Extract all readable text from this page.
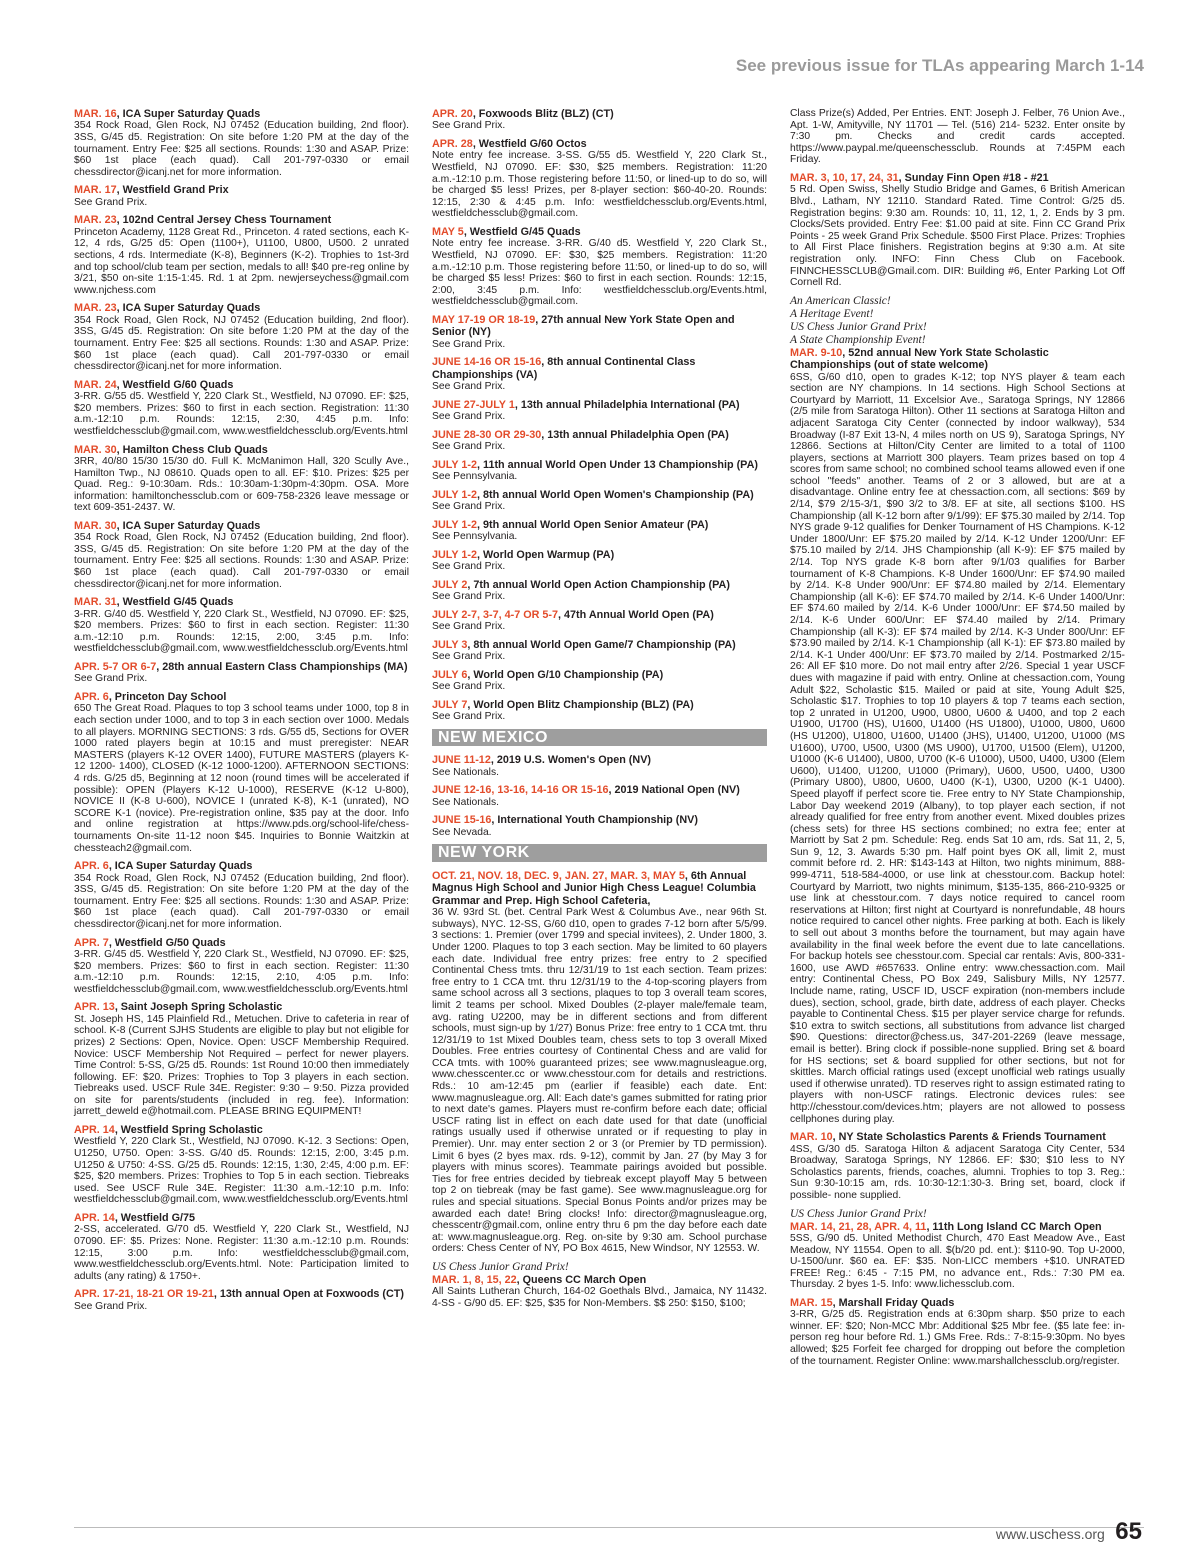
See previous issue for TLAs appearing March 1-14
MAR. 16, ICA Super Saturday Quads
354 Rock Road, Glen Rock, NJ 07452 (Education building, 2nd floor). 3SS, G/45 d5. Registration: On site before 1:20 PM at the day of the tournament. Entry Fee: $25 all sections. Rounds: 1:30 and ASAP. Prize: $60 1st place (each quad). Call 201-797-0330 or email chessdirector@icanj.net for more information.
MAR. 17, Westfield Grand Prix
See Grand Prix.
MAR. 23, 102nd Central Jersey Chess Tournament
Princeton Academy, 1128 Great Rd., Princeton. 4 rated sections, each K-12, 4 rds, G/25 d5: Open (1100+), U1100, U800, U500. 2 unrated sections, 4 rds. Intermediate (K-8), Beginners (K-2). Trophies to 1st-3rd and top school/club team per section, medals to all! $40 pre-reg online by 3/21, $50 on-site 1:15-1:45. Rd. 1 at 2pm. newjerseychess@gmail.com www.njchess.com
MAR. 23, ICA Super Saturday Quads
354 Rock Road, Glen Rock, NJ 07452 (Education building, 2nd floor). 3SS, G/45 d5. Registration: On site before 1:20 PM at the day of the tournament. Entry Fee: $25 all sections. Rounds: 1:30 and ASAP. Prize: $60 1st place (each quad). Call 201-797-0330 or email chessdirector@icanj.net for more information.
MAR. 24, Westfield G/60 Quads
3-RR. G/55 d5. Westfield Y, 220 Clark St., Westfield, NJ 07090. EF: $25, $20 members. Prizes: $60 to first in each section. Registration: 11:30 a.m.-12:10 p.m. Rounds: 12:15, 2:30, 4:45 p.m. Info: westfieldchessclub@gmail.com, www.westfieldchessclub.org/Events.html
MAR. 30, Hamilton Chess Club Quads
3RR, 40/80 15/30 15/30 d0. Full K. McManimon Hall, 320 Scully Ave., Hamilton Twp., NJ 08610. Quads open to all. EF: $10. Prizes: $25 per Quad. Reg.: 9-10:30am. Rds.: 10:30am-1:30pm-4:30pm. OSA. More information: hamiltonchessclub.com or 609-758-2326 leave message or text 609-351-2437. W.
MAR. 30, ICA Super Saturday Quads
354 Rock Road, Glen Rock, NJ 07452 (Education building, 2nd floor). 3SS, G/45 d5. Registration: On site before 1:20 PM at the day of the tournament. Entry Fee: $25 all sections. Rounds: 1:30 and ASAP. Prize: $60 1st place (each quad). Call 201-797-0330 or email chessdirector@icanj.net for more information.
MAR. 31, Westfield G/45 Quads
3-RR. G/40 d5. Westfield Y, 220 Clark St., Westfield, NJ 07090. EF: $25, $20 members. Prizes: $60 to first in each section. Register: 11:30 a.m.-12:10 p.m. Rounds: 12:15, 2:00, 3:45 p.m. Info: westfieldchessclub@gmail.com, www.westfieldchessclub.org/Events.html
APR. 5-7 OR 6-7, 28th annual Eastern Class Championships (MA)
See Grand Prix.
APR. 6, Princeton Day School
650 The Great Road. Plaques to top 3 school teams under 1000, top 8 in each section under 1000, and to top 3 in each section over 1000. Medals to all players. MORNING SECTIONS: 3 rds. G/55 d5, Sections for OVER 1000 rated players begin at 10:15 and must preregister: NEAR MASTERS (players K-12 OVER 1400), FUTURE MASTERS (players K-12 1200- 1400), CLOSED (K-12 1000-1200). AFTERNOON SECTIONS: 4 rds. G/25 d5, Beginning at 12 noon (round times will be accelerated if possible): OPEN (Players K-12 U-1000), RESERVE (K-12 U-800), NOVICE II (K-8 U-600), NOVICE I (unrated K-8), K-1 (unrated), NO SCORE K-1 (novice). Pre-registration online, $35 pay at the door. Info and online registration at https://www.pds.org/school-life/chess-tournaments On-site 11-12 noon $45. Inquiries to Bonnie Waitzkin at chessteach2@gmail.com.
APR. 6, ICA Super Saturday Quads
354 Rock Road, Glen Rock, NJ 07452 (Education building, 2nd floor). 3SS, G/45 d5. Registration: On site before 1:20 PM at the day of the tournament. Entry Fee: $25 all sections. Rounds: 1:30 and ASAP. Prize: $60 1st place (each quad). Call 201-797-0330 or email chessdirector@icanj.net for more information.
APR. 7, Westfield G/50 Quads
3-RR. G/45 d5. Westfield Y, 220 Clark St., Westfield, NJ 07090. EF: $25, $20 members. Prizes: $60 to first in each section. Register: 11:30 a.m.-12:10 p.m. Rounds: 12:15, 2:10, 4:05 p.m. Info: westfieldchessclub@gmail.com, www.westfieldchessclub.org/Events.html
APR. 13, Saint Joseph Spring Scholastic
St. Joseph HS, 145 Plainfield Rd., Metuchen. Drive to cafeteria in rear of school. K-8 (Current SJHS Students are eligible to play but not eligible for prizes) 2 Sections: Open, Novice. Open: USCF Membership Required. Novice: USCF Membership Not Required – perfect for newer players. Time Control: 5-SS, G/25 d5. Rounds: 1st Round 10:00 then immediately following. EF: $20. Prizes: Trophies to Top 3 players in each section. Tiebreaks used. USCF Rule 34E. Register: 9:30 – 9:50. Pizza provided on site for parents/students (included in reg. fee). Information: jarrett_deweld e@hotmail.com. PLEASE BRING EQUIPMENT!
APR. 14, Westfield Spring Scholastic
Westfield Y, 220 Clark St., Westfield, NJ 07090. K-12. 3 Sections: Open, U1250, U750. Open: 3-SS. G/40 d5. Rounds: 12:15, 2:00, 3:45 p.m. U1250 & U750: 4-SS. G/25 d5. Rounds: 12:15, 1:30, 2:45, 4:00 p.m. EF: $25, $20 members. Prizes: Trophies to Top 5 in each section. Tiebreaks used. See USCF Rule 34E. Register: 11:30 a.m.-12:10 p.m. Info: westfieldchessclub@gmail.com, www.westfieldchessclub.org/Events.html
APR. 14, Westfield G/75
2-SS, accelerated. G/70 d5. Westfield Y, 220 Clark St., Westfield, NJ 07090. EF: $5. Prizes: None. Register: 11:30 a.m.-12:10 p.m. Rounds: 12:15, 3:00 p.m. Info: westfieldchessclub@gmail.com, www.westfieldchessclub.org/Events.html. Note: Participation limited to adults (any rating) & 1750+.
APR. 17-21, 18-21 OR 19-21, 13th annual Open at Foxwoods (CT)
See Grand Prix.
APR. 20, Foxwoods Blitz (BLZ) (CT)
See Grand Prix.
APR. 28, Westfield G/60 Octos
Note entry fee increase. 3-SS. G/55 d5. Westfield Y, 220 Clark St., Westfield, NJ 07090. EF: $30, $25 members. Registration: 11:20 a.m.-12:10 p.m. Those registering before 11:50, or lined-up to do so, will be charged $5 less! Prizes, per 8-player section: $60-40-20. Rounds: 12:15, 2:30 & 4:45 p.m. Info: westfieldchessclub.org/Events.html, westfieldchessclub@gmail.com.
MAY 5, Westfield G/45 Quads
Note entry fee increase. 3-RR. G/40 d5. Westfield Y, 220 Clark St., Westfield, NJ 07090. EF: $30, $25 members. Registration: 11:20 a.m.-12:10 p.m. Those registering before 11:50, or lined-up to do so, will be charged $5 less! Prizes: $60 to first in each section. Rounds: 12:15, 2:00, 3:45 p.m. Info: westfieldchessclub.org/Events.html, westfieldchessclub@gmail.com.
MAY 17-19 OR 18-19, 27th annual New York State Open and Senior (NY)
See Grand Prix.
JUNE 14-16 OR 15-16, 8th annual Continental Class Championships (VA)
See Grand Prix.
JUNE 27-JULY 1, 13th annual Philadelphia International (PA)
See Grand Prix.
JUNE 28-30 OR 29-30, 13th annual Philadelphia Open (PA)
See Grand Prix.
JULY 1-2, 11th annual World Open Under 13 Championship (PA)
See Pennsylvania.
JULY 1-2, 8th annual World Open Women's Championship (PA)
See Grand Prix.
JULY 1-2, 9th annual World Open Senior Amateur (PA)
See Pennsylvania.
JULY 1-2, World Open Warmup (PA)
See Grand Prix.
JULY 2, 7th annual World Open Action Championship (PA)
See Grand Prix.
JULY 2-7, 3-7, 4-7 OR 5-7, 47th Annual World Open (PA)
See Grand Prix.
JULY 3, 8th annual World Open Game/7 Championship (PA)
See Grand Prix.
JULY 6, World Open G/10 Championship (PA)
See Grand Prix.
JULY 7, World Open Blitz Championship (BLZ) (PA)
See Grand Prix.
NEW MEXICO
JUNE 11-12, 2019 U.S. Women's Open (NV)
See Nationals.
JUNE 12-16, 13-16, 14-16 OR 15-16, 2019 National Open (NV)
See Nationals.
JUNE 15-16, International Youth Championship (NV)
See Nevada.
NEW YORK
OCT. 21, NOV. 18, DEC. 9, JAN. 27, MAR. 3, MAY 5, 6th Annual Magnus High School and Junior High Chess League! Columbia Grammar and Prep. High School Cafeteria,
36 W. 93rd St. (bet. Central Park West & Columbus Ave., near 96th St. subways), NYC. 12-SS, G/60 d10, open to grades 7-12 born after 5/5/99. 3 sections: 1. Premier (over 1799 and special invitees), 2. Under 1800, 3. Under 1200. Plaques to top 3 each section. May be limited to 60 players each date. Individual free entry prizes: free entry to 2 specified Continental Chess tmts. thru 12/31/19 to 1st each section. Team prizes: free entry to 1 CCA tmt. thru 12/31/19 to the 4-top-scoring players from same school across all 3 sections, plaques to top 3 overall team scores, limit 2 teams per school. Mixed Doubles (2-player male/female team, avg. rating U2200, may be in different sections and from different schools, must sign-up by 1/27) Bonus Prize: free entry to 1 CCA tmt. thru 12/31/19 to 1st Mixed Doubles team, chess sets to top 3 overall Mixed Doubles. Free entries courtesy of Continental Chess and are valid for CCA tmts. with 100% guaranteed prizes; see www.magnusleague.org, www.chesscenter.cc or www.chesstour.com for details and restrictions. Rds.: 10 am-12:45 pm (earlier if feasible) each date. Ent: www.magnusleague.org. All: Each date's games submitted for rating prior to next date's games. Players must re-confirm before each date; official USCF rating list in effect on each date used for that date (unofficial ratings usually used if otherwise unrated or if requesting to play in Premier). Unr. may enter section 2 or 3 (or Premier by TD permission). Limit 6 byes (2 byes max. rds. 9-12), commit by Jan. 27 (by May 3 for players with minus scores). Teammate pairings avoided but possible. Ties for free entries decided by tiebreak except playoff May 5 between top 2 on tiebreak (may be fast game). See www.magnusleague.org for rules and special situations. Special Bonus Points and/or prizes may be awarded each date! Bring clocks! Info: director@magnusleague.org, chesscentr@gmail.com, online entry thru 6 pm the day before each date at: www.magnusleague.org. Reg. on-site by 9:30 am. School purchase orders: Chess Center of NY, PO Box 4615, New Windsor, NY 12553. W.
US Chess Junior Grand Prix!
MAR. 1, 8, 15, 22, Queens CC March Open
All Saints Lutheran Church, 164-02 Goethals Blvd., Jamaica, NY 11432. 4-SS - G/90 d5. EF: $25, $35 for Non-Members. $$ 250: $150, $100;
Class Prize(s) Added, Per Entries. ENT: Joseph J. Felber, 76 Union Ave., Apt. 1-W, Amityville, NY 11701 — Tel. (516) 214- 5232. Enter onsite by 7:30 pm. Checks and credit cards accepted. https://www.paypal.me/queenschessclub. Rounds at 7:45PM each Friday.
MAR. 3, 10, 17, 24, 31, Sunday Finn Open #18 - #21
5 Rd. Open Swiss, Shelly Studio Bridge and Games, 6 British American Blvd., Latham, NY 12110. Standard Rated. Time Control: G/25 d5. Registration begins: 9:30 am. Rounds: 10, 11, 12, 1, 2. Ends by 3 pm. Clocks/Sets provided. Entry Fee: $1.00 paid at site. Finn CC Grand Prix Points - 25 week Grand Prix Schedule. $500 First Place. Prizes: Trophies to All First Place finishers. Registration begins at 9:30 a.m. At site registration only. INFO: Finn Chess Club on Facebook. FINNCHESSCLUB@Gmail.com. DIR: Building #6, Enter Parking Lot Off Cornell Rd.
An American Classic!
A Heritage Event!
US Chess Junior Grand Prix!
A State Championship Event!
MAR. 9-10, 52nd annual New York State Scholastic Championships (out of state welcome)
6SS, G/60 d10, open to grades K-12; top NYS player & team each section are NY champions. In 14 sections. High School Sections at Courtyard by Marriott, 11 Excelsior Ave., Saratoga Springs, NY 12866 (2/5 mile from Saratoga Hilton). Other 11 sections at Saratoga Hilton and adjacent Saratoga City Center (connected by indoor walkway), 534 Broadway (I-87 Exit 13-N, 4 miles north on US 9), Saratoga Springs, NY 12866. Sections at Hilton/City Center are limited to a total of 1100 players, sections at Marriott 300 players. Team prizes based on top 4 scores from same school; no combined school teams allowed even if one school "feeds" another. Teams of 2 or 3 allowed, but are at a disadvantage. Online entry fee at chessaction.com, all sections: $69 by 2/14, $79 2/15-3/1, $90 3/2 to 3/8. EF at site, all sections $100. HS Championship (all K-12 born after 9/1/99): EF $75.30 mailed by 2/14. Top NYS grade 9-12 qualifies for Denker Tournament of HS Champions. K-12 Under 1800/Unr: EF $75.20 mailed by 2/14. K-12 Under 1200/Unr: EF $75.10 mailed by 2/14. JHS Championship (all K-9): EF $75 mailed by 2/14. Top NYS grade K-8 born after 9/1/03 qualifies for Barber tournament of K-8 Champions. K-8 Under 1600/Unr: EF $74.90 mailed by 2/14. K-8 Under 900/Unr: EF $74.80 mailed by 2/14. Elementary Championship (all K-6): EF $74.70 mailed by 2/14. K-6 Under 1400/Unr: EF $74.60 mailed by 2/14. K-6 Under 1000/Unr: EF $74.50 mailed by 2/14. K-6 Under 600/Unr: EF $74.40 mailed by 2/14. Primary Championship (all K-3): EF $74 mailed by 2/14. K-3 Under 800/Unr: EF $73.90 mailed by 2/14. K-1 Championship (all K-1): EF $73.80 mailed by 2/14. K-1 Under 400/Unr: EF $73.70 mailed by 2/14. Postmarked 2/15-26: All EF $10 more. Do not mail entry after 2/26. Special 1 year USCF dues with magazine if paid with entry. Online at chessaction.com, Young Adult $22, Scholastic $15. Mailed or paid at site, Young Adult $25, Scholastic $17. Trophies to top 10 players & top 7 teams each section, top 2 unrated in U1200, U900, U800, U600 & U400, and top 2 each U1900, U1700 (HS), U1600, U1400 (HS U1800), U1000, U800, U600 (HS U1200), U1800, U1600, U1400 (JHS), U1400, U1200, U1000 (MS U1600), U700, U500, U300 (MS U900), U1700, U1500 (Elem), U1200, U1000 (K-6 U1400), U800, U700 (K-6 U1000), U500, U400, U300 (Elem U600), U1400, U1200, U1000 (Primary), U600, U500, U400, U300 (Primary U800), U800, U600, U400 (K-1), U300, U200 (K-1 U400). Speed playoff if perfect score tie. Free entry to NY State Championship, Labor Day weekend 2019 (Albany), to top player each section, if not already qualified for free entry from another event. Mixed doubles prizes (chess sets) for three HS sections combined; no extra fee; enter at Marriott by Sat 2 pm. Schedule: Reg. ends Sat 10 am, rds. Sat 11, 2, 5, Sun 9, 12, 3. Awards 5:30 pm. Half point byes OK all, limit 2, must commit before rd. 2. HR: $143-143 at Hilton, two nights minimum, 888-999-4711, 518-584-4000, or use link at chesstour.com. Backup hotel: Courtyard by Marriott, two nights minimum, $135-135, 866-210-9325 or use link at chesstour.com. 7 days notice required to cancel room reservations at Hilton; first night at Courtyard is nonrefundable, 48 hours notice required to cancel other nights. Free parking at both. Each is likely to sell out about 3 months before the tournament, but may again have availability in the final week before the event due to late cancellations. For backup hotels see chesstour.com. Special car rentals: Avis, 800-331-1600, use AWD #657633. Online entry: www.chessaction.com. Mail entry: Continental Chess, PO Box 249, Salisbury Mills, NY 12577. Include name, rating, USCF ID, USCF expiration (non-members include dues), section, school, grade, birth date, address of each player. Checks payable to Continental Chess. $15 per player service charge for refunds. $10 extra to switch sections, all substitutions from advance list charged $90. Questions: director@chess.us, 347-201-2269 (leave message, email is better). Bring clock if possible-none supplied. Bring set & board for HS sections; set & board supplied for other sections, but not for skittles. March official ratings used (except unofficial web ratings usually used if otherwise unrated). TD reserves right to assign estimated rating to players with non-USCF ratings. Electronic devices rules: see http://chesstour.com/devices.htm; players are not allowed to possess cellphones during play.
MAR. 10, NY State Scholastics Parents & Friends Tournament
4SS, G/30 d5. Saratoga Hilton & adjacent Saratoga City Center, 534 Broadway, Saratoga Springs, NY 12866. EF: $30; $10 less to NY Scholastics parents, friends, coaches, alumni. Trophies to top 3. Reg.: Sun 9:30-10:15 am, rds. 10:30-12:1:30-3. Bring set, board, clock if possible- none supplied.
US Chess Junior Grand Prix!
MAR. 14, 21, 28, APR. 4, 11, 11th Long Island CC March Open
5SS, G/90 d5. United Methodist Church, 470 East Meadow Ave., East Meadow, NY 11554. Open to all. $(b/20 pd. ent.): $110-90. Top U-2000, U-1500/unr. $60 ea. EF: $35. Non-LICC members +$10. UNRATED FREE! Reg.: 6:45 - 7:15 PM, no advance ent., Rds.: 7:30 PM ea. Thursday. 2 byes 1-5. Info: www.lichessclub.com.
MAR. 15, Marshall Friday Quads
3-RR, G/25 d5. Registration ends at 6:30pm sharp. $50 prize to each winner. EF: $20; Non-MCC Mbr: Additional $25 Mbr fee. ($5 late fee: in-person reg hour before Rd. 1.) GMs Free. Rds.: 7-8:15-9:30pm. No byes allowed; $25 Forfeit fee charged for dropping out before the completion of the tournament. Register Online: www.marshallchessclub.org/register.
www.uschess.org 65
